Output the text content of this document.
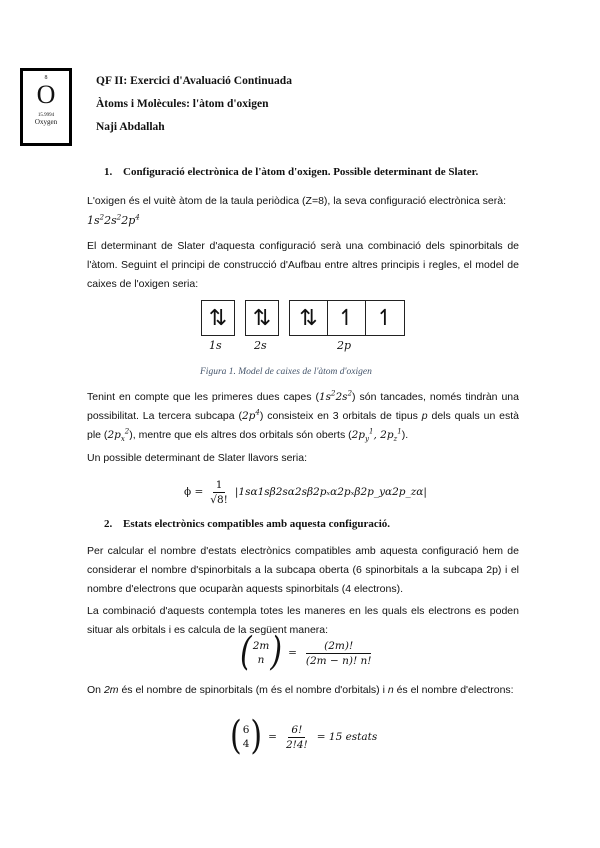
8
O
15.9994
Oxygen
QF II: Exercici d'Avaluació Continuada
Àtoms i Molècules: l'àtom d'oxigen
Naji Abdallah
1. Configuració electrònica de l'àtom d'oxigen. Possible determinant de Slater.
L'oxigen és el vuitè àtom de la taula periòdica (Z=8), la seva configuració electrònica serà:
$1s^22s^22p^4$
El determinant de Slater d'aquesta configuració serà una combinació dels spinorbitals de l'àtom. Seguint el principi de construcció d'Aufbau entre altres principis i regles, el model de caixes de l'oxigen seria:
⇅	⇅	⇅ ↿ ↿
1s	2s	2p
Figura 1. Model de caixes de l'àtom d'oxigen
Tenint en compte que les primeres dues capes $(1s^22s^2)$ són tancades, només tindràn una possibilitat. La tercera subcapa $(2p^4)$ consisteix en 3 orbitals de tipus p dels quals un està ple $(2p_x^2)$, mentre que els altres dos orbitals són oberts ($2p_y^1$, $2p_z^1$).
Un possible determinant de Slater llavors seria:
$\phi = \frac{1}{√8!}$ |1sα1sβ2sα2sβ2pₓα2pₓβ2p_yα2p_zα|
2. Estats electrònics compatibles amb aquesta configuració.
Per calcular el nombre d'estats electrònics compatibles amb aquesta configuració hem de considerar el nombre d'spinorbitals a la subcapa oberta (6 spinorbitals a la subcapa 2p) i el nombre d'electrons que ocuparàn aquests spinorbitals (4 electrons).
La combinació d'aquests contempla totes les maneres en les quals els electrons es poden situar als orbitals i es calcula de la següent manera:
( 2m
n ) = $\frac{(2m)!}{(2m - n)! n!}$
On 2m és el nombre de spinorbitals (m és el nombre d'orbitals) i n és el nombre d'electrons:
( 6
4 ) = $\frac{6!}{2!4!} = 15$ estats
